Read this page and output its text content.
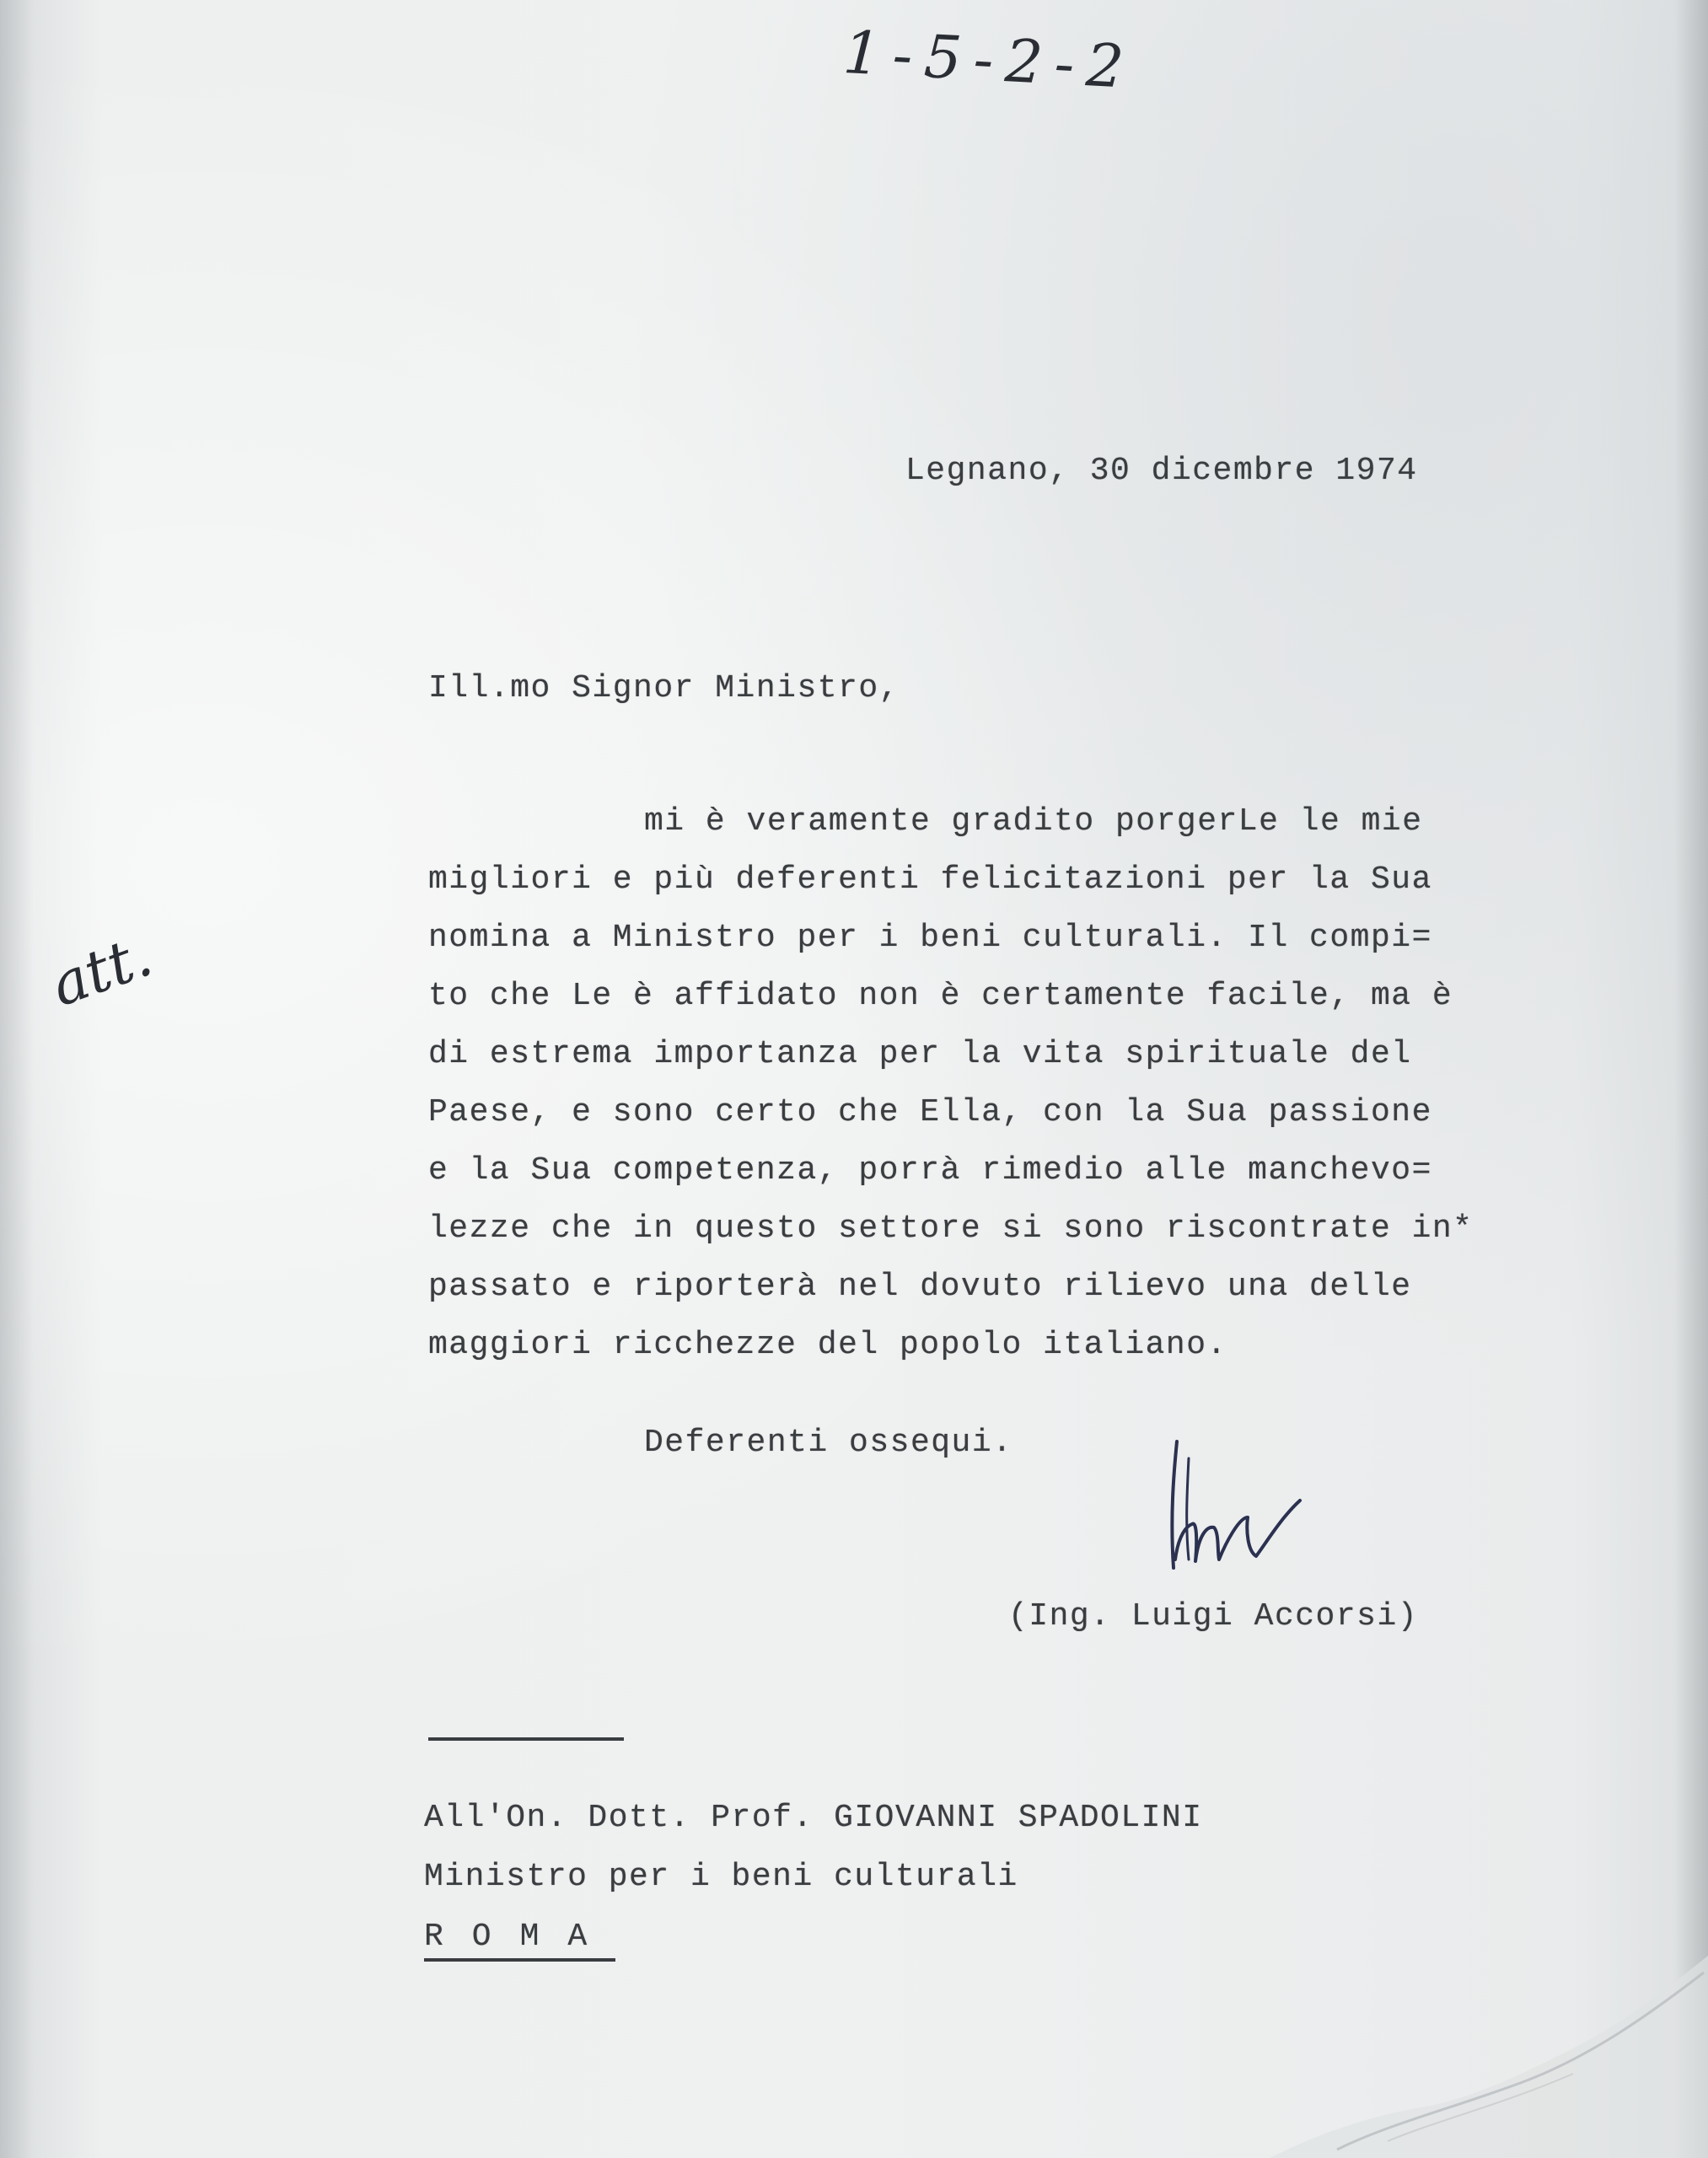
1-5-2-2
att.
Legnano, 30 dicembre 1974
Ill.mo Signor Ministro,
mi è veramente gradito porgerLe le mie
migliori e più deferenti felicitazioni per la Sua
nomina a Ministro per i beni culturali. Il compi=
to che Le è affidato non è certamente facile, ma è
di estrema importanza per la vita spirituale del
Paese, e sono certo che Ella, con la Sua passione
e la Sua competenza, porrà rimedio alle manchevo=
lezze che in questo settore si sono riscontrate in*
passato e riporterà nel dovuto rilievo una delle
maggiori ricchezze del popolo italiano.
Deferenti ossequi.
(Ing. Luigi Accorsi)
All'On. Dott. Prof. GIOVANNI SPADOLINI
Ministro per i beni culturali
ROMA
